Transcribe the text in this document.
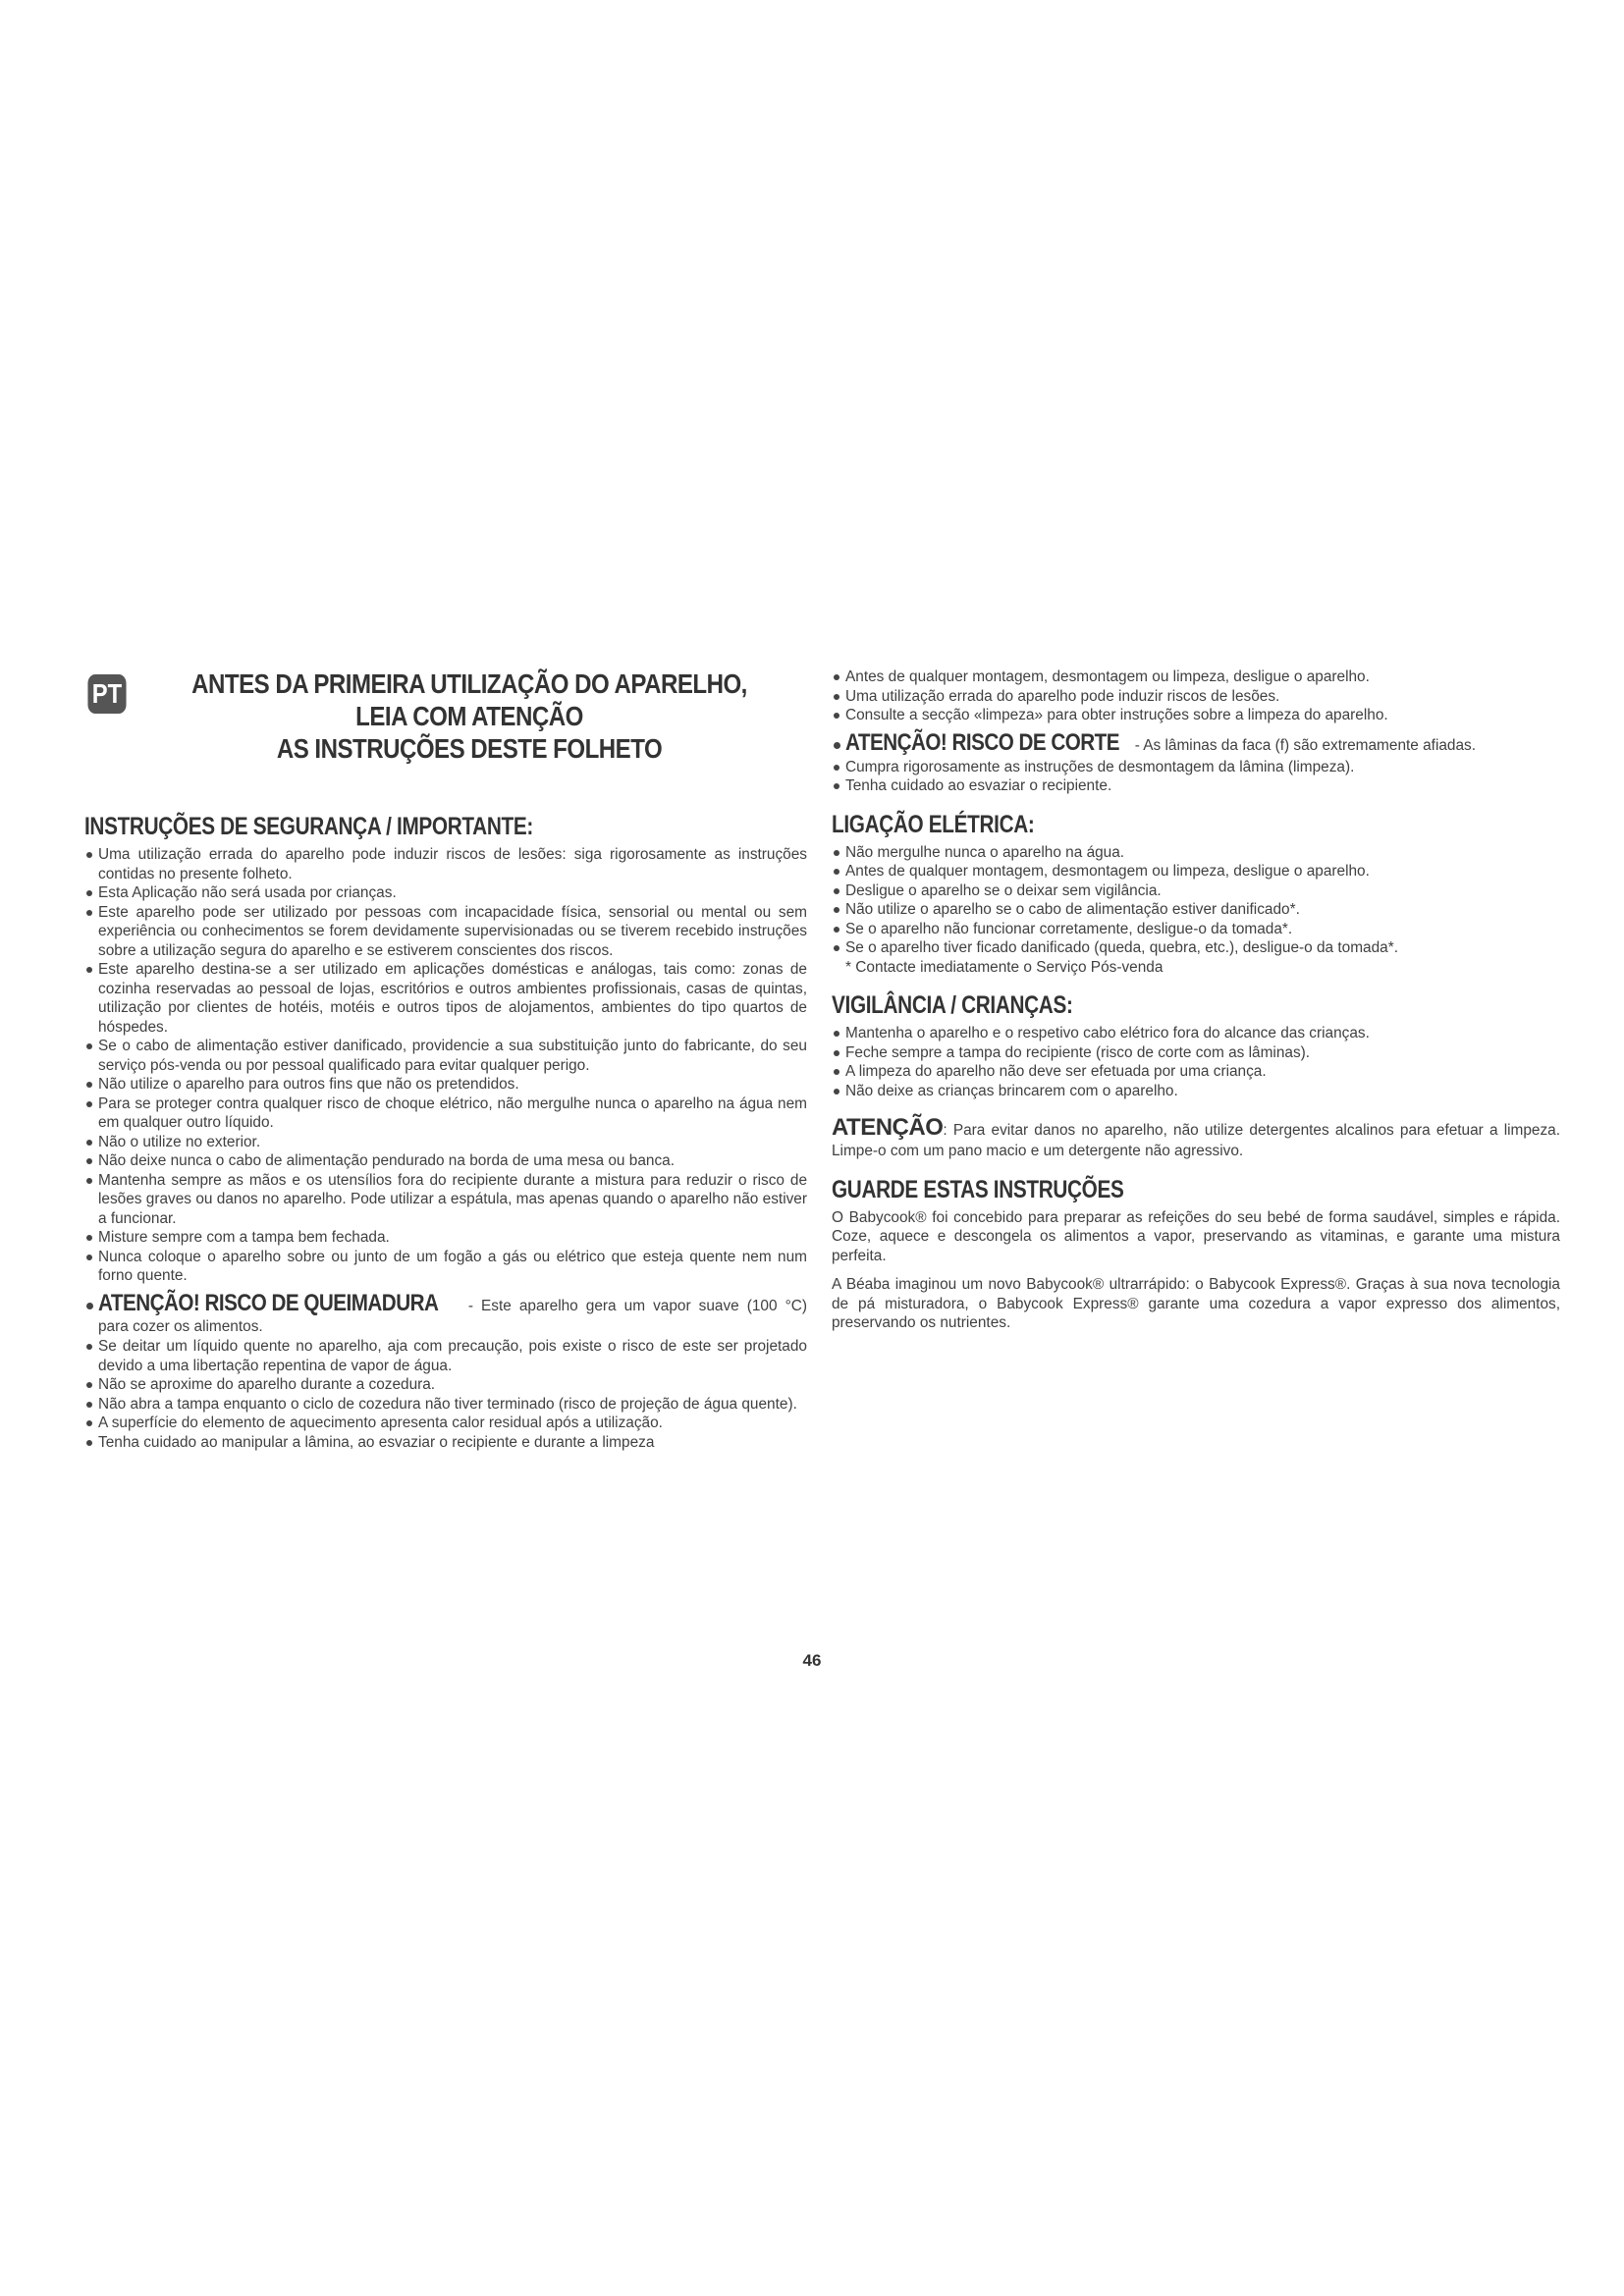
PT	ANTES DA PRIMEIRA UTILIZAÇÃO DO APARELHO, LEIA COM ATENÇÃO
AS INSTRUÇÕES DESTE FOLHETO
INSTRUÇÕES DE SEGURANÇA / IMPORTANTE:
Uma utilização errada do aparelho pode induzir riscos de lesões: siga rigorosamente as instruções contidas no presente folheto.
Esta Aplicação não será usada por crianças.
Este aparelho pode ser utilizado por pessoas com incapacidade física, sensorial ou mental ou sem experiência ou conhecimentos se forem devidamente supervisionadas ou se tiverem recebido instruções sobre a utilização segura do aparelho e se estiverem conscientes dos riscos.
Este aparelho destina-se a ser utilizado em aplicações domésticas e análogas, tais como: zonas de cozinha reservadas ao pessoal de lojas, escritórios e outros ambientes profissionais, casas de quintas, utilização por clientes de hotéis, motéis e outros tipos de alojamentos, ambientes do tipo quartos de hóspedes.
Se o cabo de alimentação estiver danificado, providencie a sua substituição junto do fabricante, do seu serviço pós-venda ou por pessoal qualificado para evitar qualquer perigo.
Não utilize o aparelho para outros fins que não os pretendidos.
Para se proteger contra qualquer risco de choque elétrico, não mergulhe nunca o aparelho na água nem em qualquer outro líquido.
Não o utilize no exterior.
Não deixe nunca o cabo de alimentação pendurado na borda de uma mesa ou banca.
Mantenha sempre as mãos e os utensílios fora do recipiente durante a mistura para reduzir o risco de lesões graves ou danos no aparelho. Pode utilizar a espátula, mas apenas quando o aparelho não estiver a funcionar.
Misture sempre com a tampa bem fechada.
Nunca coloque o aparelho sobre ou junto de um fogão a gás ou elétrico que esteja quente nem num forno quente.
ATENÇÃO! RISCO DE QUEIMADURA - Este aparelho gera um vapor suave (100 °C) para cozer os alimentos.
Se deitar um líquido quente no aparelho, aja com precaução, pois existe o risco de este ser projetado devido a uma libertação repentina de vapor de água.
Não se aproxime do aparelho durante a cozedura.
Não abra a tampa enquanto o ciclo de cozedura não tiver terminado (risco de projeção de água quente).
A superfície do elemento de aquecimento apresenta calor residual após a utilização.
Tenha cuidado ao manipular a lâmina, ao esvaziar o recipiente e durante a limpeza
Antes de qualquer montagem, desmontagem ou limpeza, desligue o aparelho.
Uma utilização errada do aparelho pode induzir riscos de lesões.
Consulte a secção «limpeza» para obter instruções sobre a limpeza do aparelho.
ATENÇÃO! RISCO DE CORTE - As lâminas da faca (f) são extremamente afiadas.
Cumpra rigorosamente as instruções de desmontagem da lâmina (limpeza).
Tenha cuidado ao esvaziar o recipiente.
LIGAÇÃO ELÉTRICA:
Não mergulhe nunca o aparelho na água.
Antes de qualquer montagem, desmontagem ou limpeza, desligue o aparelho.
Desligue o aparelho se o deixar sem vigilância.
Não utilize o aparelho se o cabo de alimentação estiver danificado*.
Se o aparelho não funcionar corretamente, desligue-o da tomada*.
Se o aparelho tiver ficado danificado (queda, quebra, etc.), desligue-o da tomada*.
* Contacte imediatamente o Serviço Pós-venda
VIGILÂNCIA / CRIANÇAS:
Mantenha o aparelho e o respetivo cabo elétrico fora do alcance das crianças.
Feche sempre a tampa do recipiente (risco de corte com as lâminas).
A limpeza do aparelho não deve ser efetuada por uma criança.
Não deixe as crianças brincarem com o aparelho.
ATENÇÃO: Para evitar danos no aparelho, não utilize detergentes alcalinos para efetuar a limpeza. Limpe-o com um pano macio e um detergente não agressivo.
GUARDE ESTAS INSTRUÇÕES

O Babycook® foi concebido para preparar as refeições do seu bebé de forma saudável, simples e rápida. Coze, aquece e descongela os alimentos a vapor, preservando as vitaminas, e garante uma mistura perfeita.

A Béaba imaginou um novo Babycook® ultrarrápido: o Babycook Express®. Graças à sua nova tecnologia de pá misturadora, o Babycook Express® garante uma cozedura a vapor expresso dos alimentos, preservando os nutrientes.

46
